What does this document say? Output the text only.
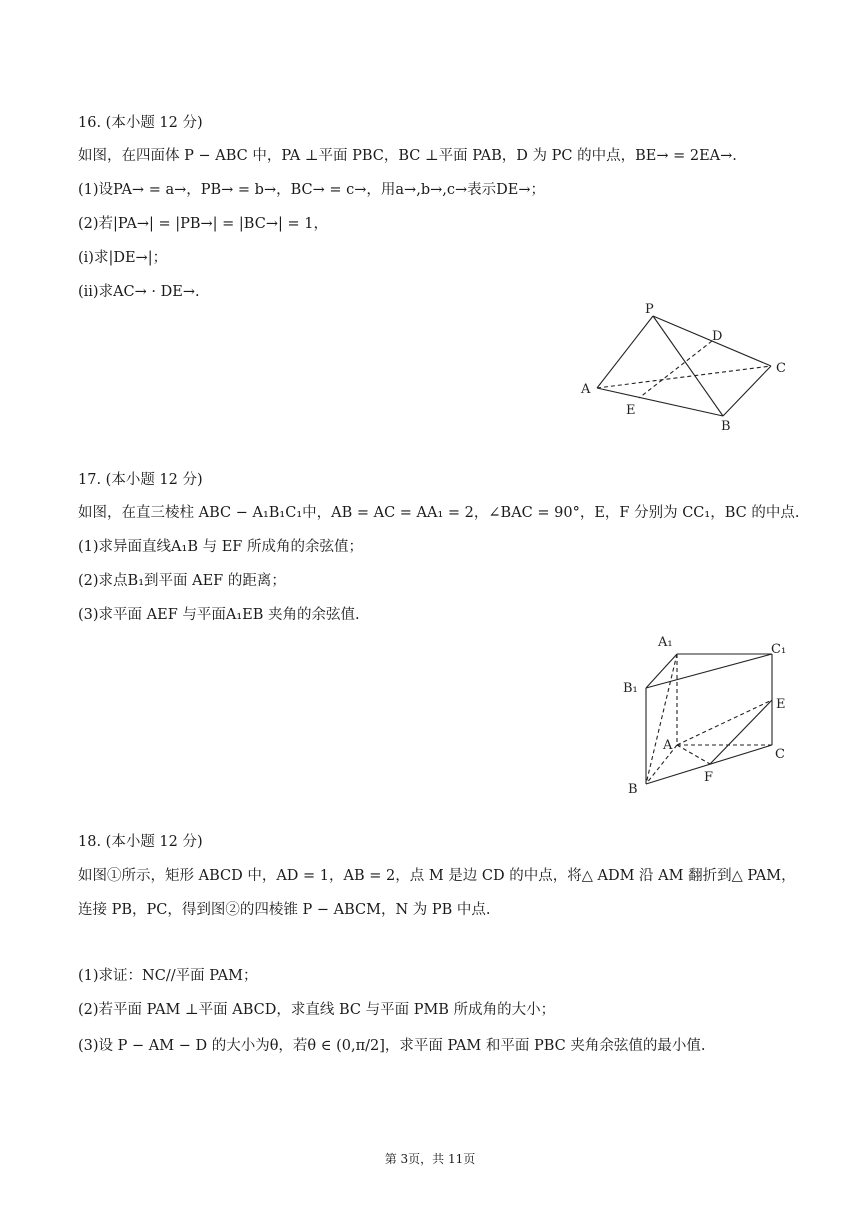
16. (本小题 12 分)
如图，在四面体 P − ABC 中，PA ⊥平面 PBC，BC ⊥平面 PAB，D 为 PC 的中点，BE→ = 2EA→.
(1)设PA→ = a→，PB→ = b→，BC→ = c→，用a→,b→,c→表示DE→；
(2)若|PA→| = |PB→| = |BC→| = 1，
(i)求|DE→|；
(ii)求AC→ · DE→.
P
D
C
A
E
B
17. (本小题 12 分)
如图，在直三棱柱 ABC − A₁B₁C₁中，AB = AC = AA₁ = 2，∠BAC = 90°，E，F 分别为 CC₁，BC 的中点.
(1)求异面直线A₁B 与 EF 所成角的余弦值；
(2)求点B₁到平面 AEF 的距离；
(3)求平面 AEF 与平面A₁EB 夹角的余弦值.
A₁	C₁
B₁
E
A
C
F
B
18. (本小题 12 分)
如图①所示，矩形 ABCD 中，AD = 1，AB = 2，点 M 是边 CD 的中点，将△ ADM 沿 AM 翻折到△ PAM，
连接 PB，PC，得到图②的四棱锥 P − ABCM，N 为 PB 中点.
(1)求证：NC//平面 PAM；
(2)若平面 PAM ⊥平面 ABCD，求直线 BC 与平面 PMB 所成角的大小；
(3)设 P − AM − D 的大小为θ，若θ ∈ (0,π/2]，求平面 PAM 和平面 PBC 夹角余弦值的最小值.
第 3页，共 11页
